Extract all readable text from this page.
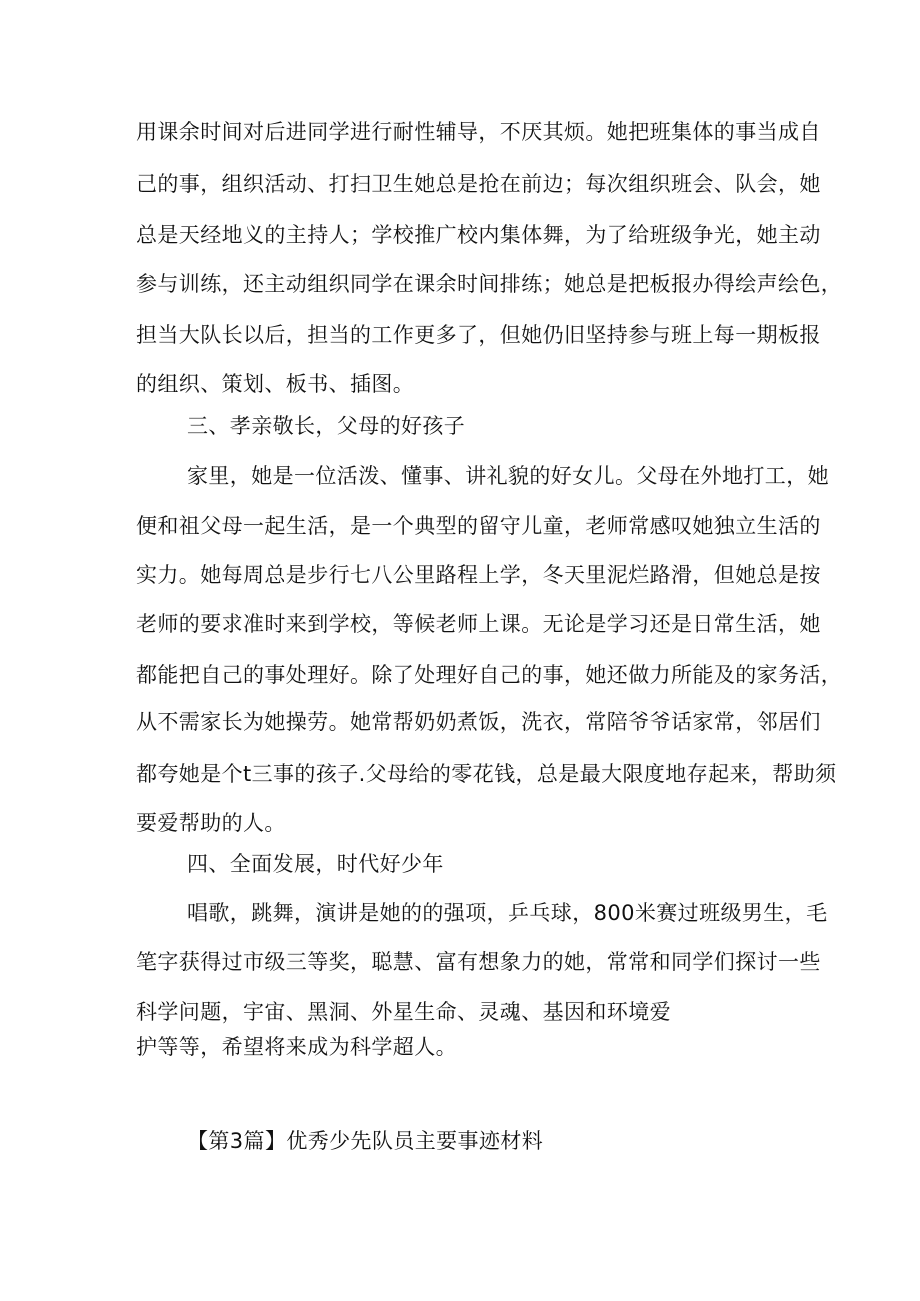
用课余时间对后进同学进行耐性辅导，不厌其烦。她把班集体的事当成自

己的事，组织活动、打扫卫生她总是抢在前边；每次组织班会、队会，她

总是天经地义的主持人；学校推广校内集体舞，为了给班级争光，她主动

参与训练，还主动组织同学在课余时间排练；她总是把板报办得绘声绘色，

担当大队长以后，担当的工作更多了，但她仍旧坚持参与班上每一期板报

的组织、策划、板书、插图。

三、孝亲敬长，父母的好孩子

家里，她是一位活泼、懂事、讲礼貌的好女儿。父母在外地打工，她

便和祖父母一起生活，是一个典型的留守儿童，老师常感叹她独立生活的

实力。她每周总是步行七八公里路程上学，冬天里泥烂路滑，但她总是按

老师的要求准时来到学校，等候老师上课。无论是学习还是日常生活，她

都能把自己的事处理好。除了处理好自己的事，她还做力所能及的家务活，

从不需家长为她操劳。她常帮奶奶煮饭，洗衣，常陪爷爷话家常，邻居们

都夸她是个t三事的孩子.父母给的零花钱，总是最大限度地存起来，帮助须

要爱帮助的人。

四、全面发展，时代好少年

唱歌，跳舞，演讲是她的的强项，乒乓球，800米赛过班级男生，毛

笔字获得过市级三等奖，聪慧、富有想象力的她，常常和同学们探讨一些

科学问题，宇宙、黑洞、外星生命、灵魂、基因和环境爱

护等等，希望将来成为科学超人。

【第3篇】优秀少先队员主要事迹材料
